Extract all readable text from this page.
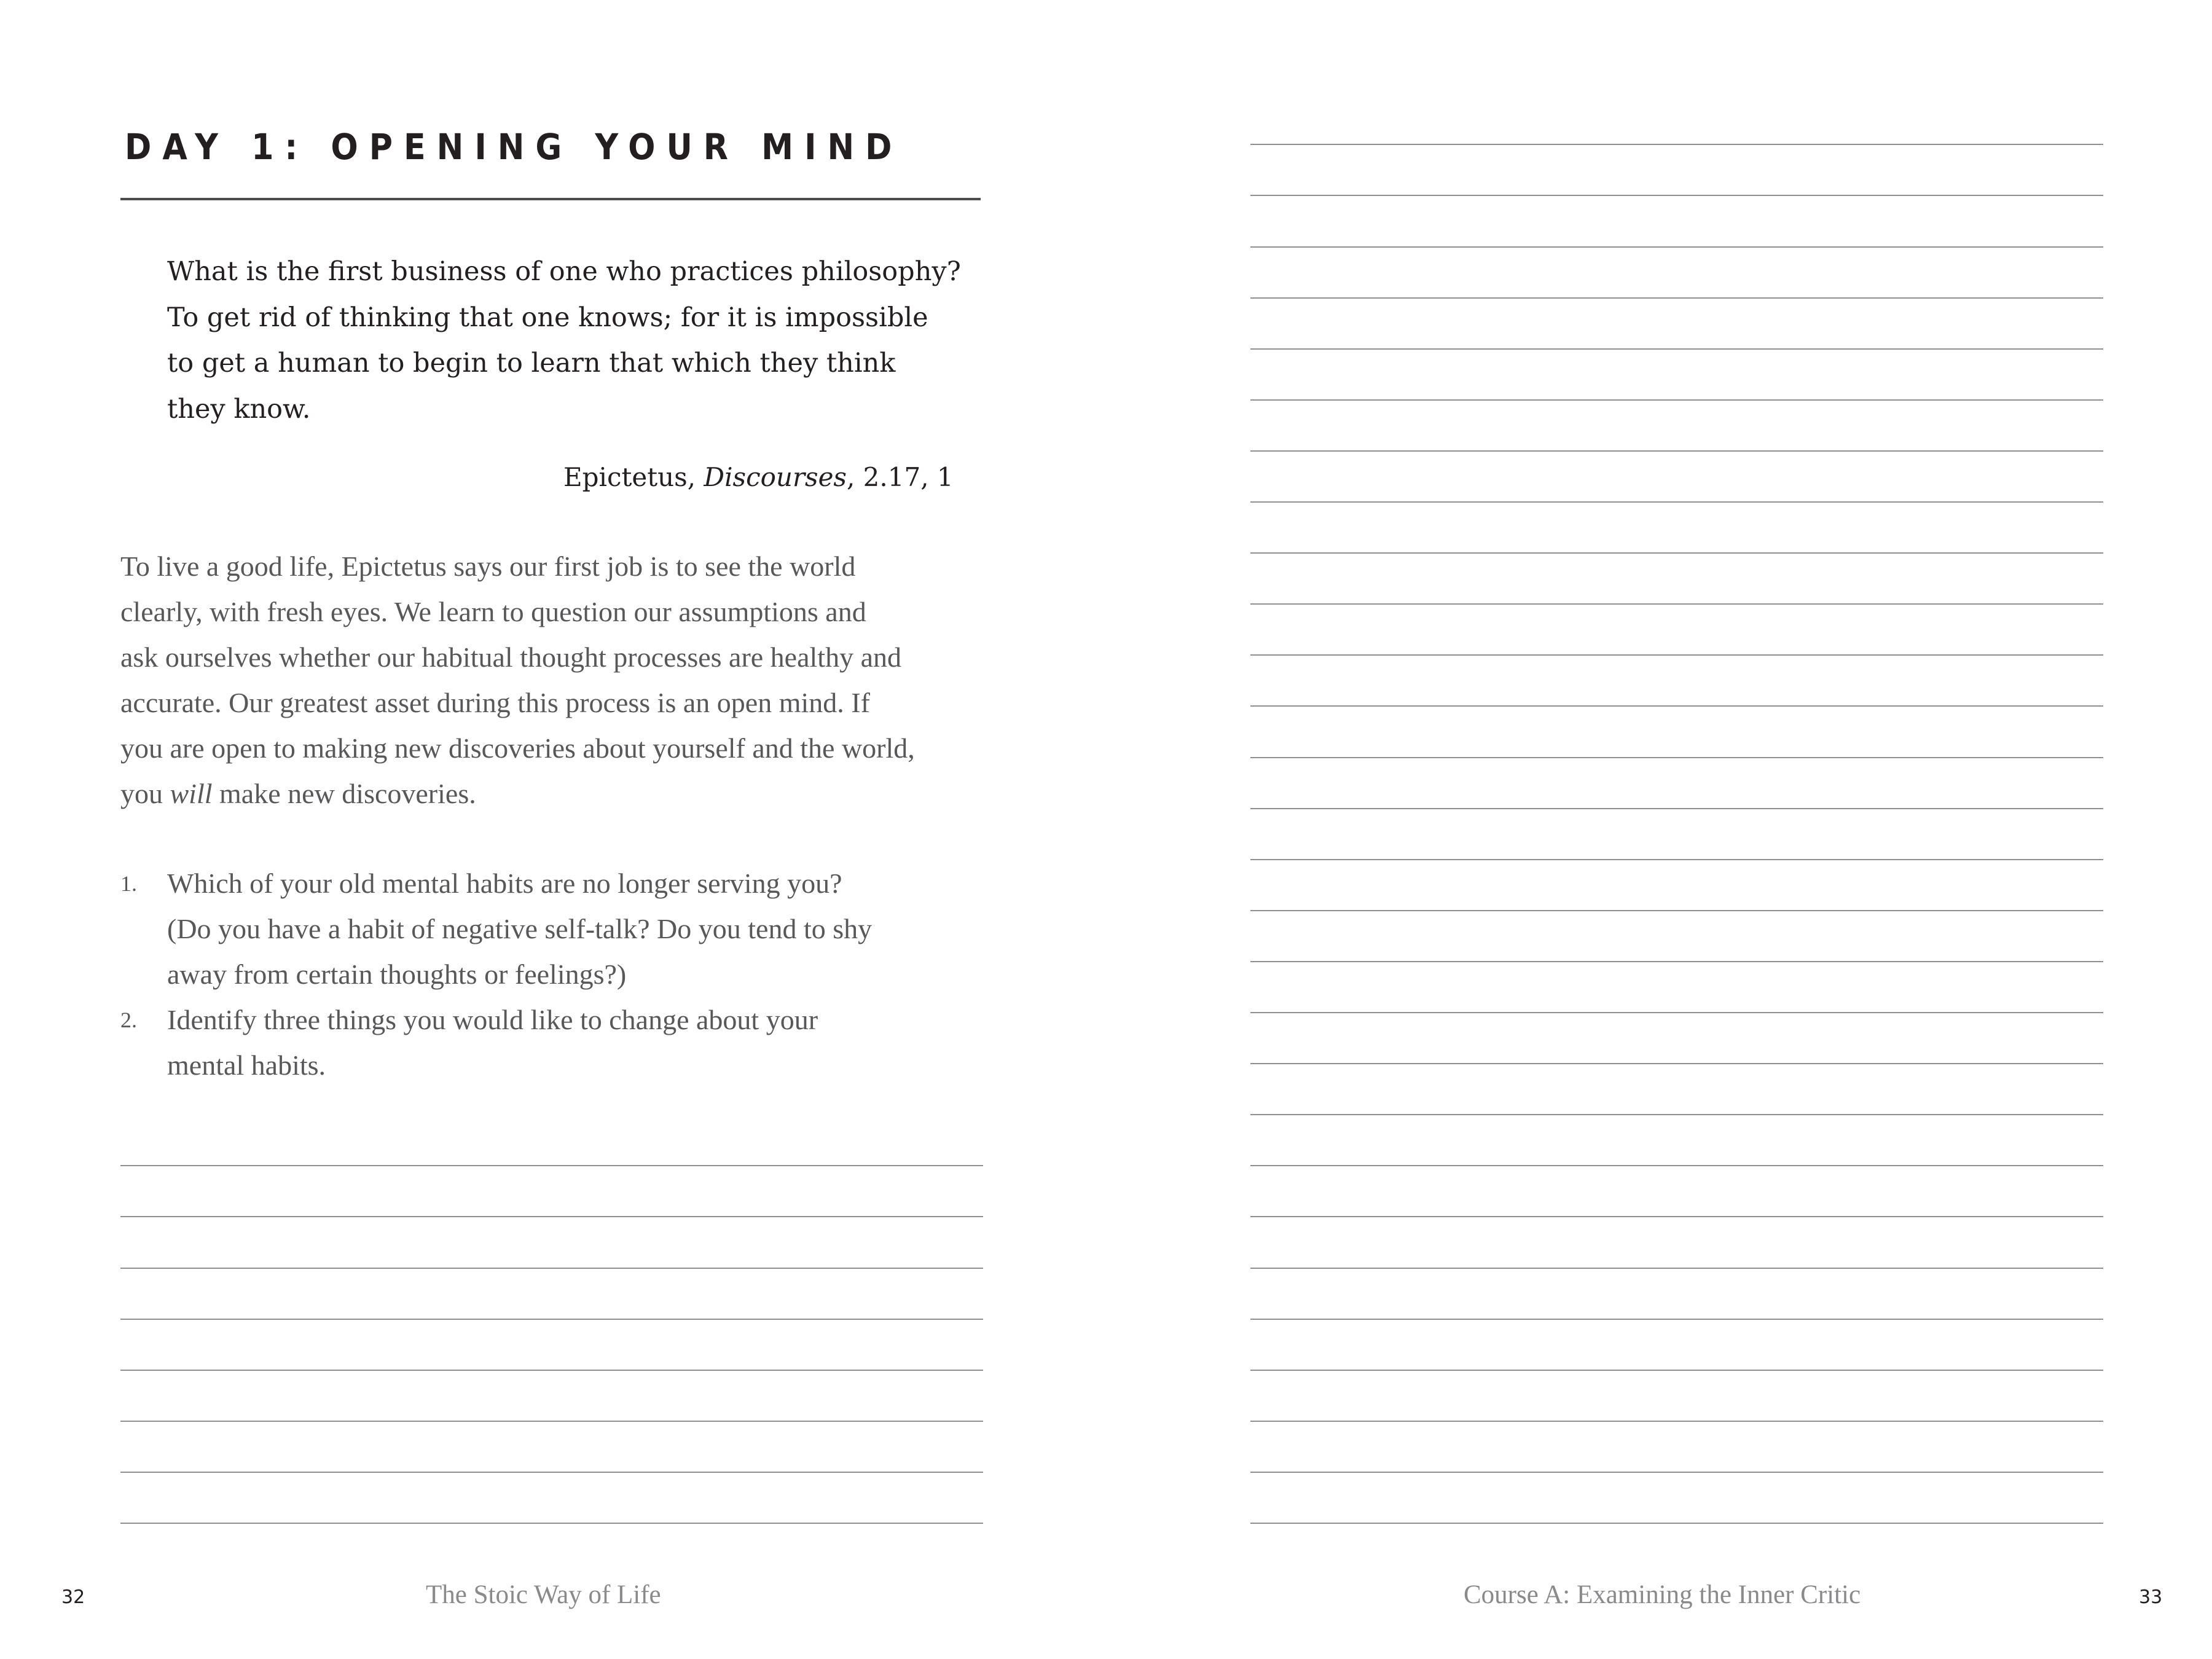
DAY 1: OPENING YOUR MIND
What is the first business of one who practices philosophy?
To get rid of thinking that one knows; for it is impossible
to get a human to begin to learn that which they think
they know.
Epictetus, Discourses, 2.17, 1

To live a good life, Epictetus says our first job is to see the world
clearly, with fresh eyes. We learn to question our assumptions and
ask ourselves whether our habitual thought processes are healthy and
accurate. Our greatest asset during this process is an open mind. If
you are open to making new discoveries about yourself and the world,
you will make new discoveries.

1. Which of your old mental habits are no longer serving you?
(Do you have a habit of negative self-talk? Do you tend to shy
away from certain thoughts or feelings?)
2. Identify three things you would like to change about your
mental habits.
32	The Stoic Way of Life	Course A: Examining the Inner Critic	33
